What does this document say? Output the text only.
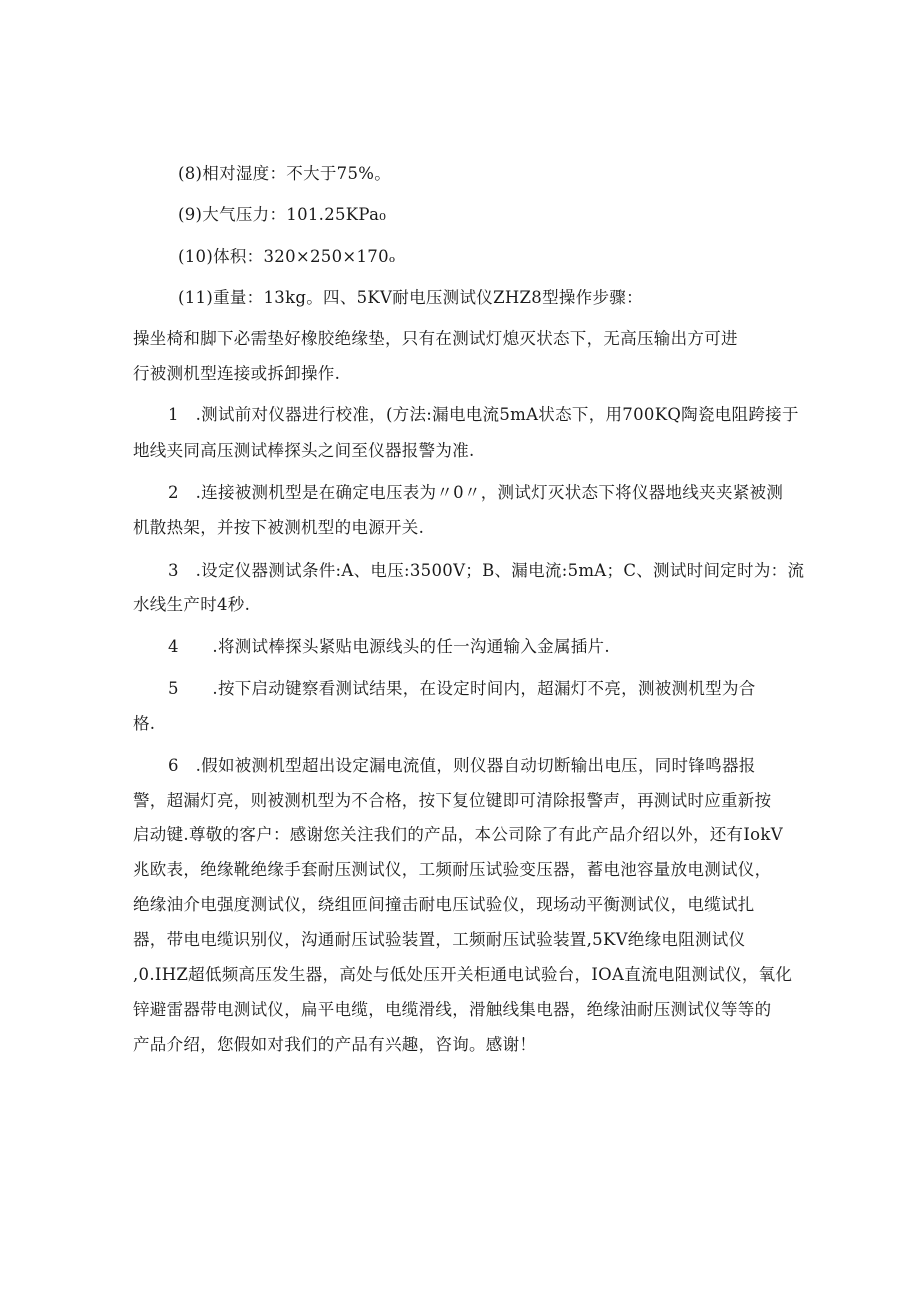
(8)相对湿度：不大于75%。
(9)大气压力：101.25KPa₀
(10)体积：320×250×170ₒ
(11)重量：13kg。四、5KV耐电压测试仪ZHZ8型操作步骤：
操坐椅和脚下必需垫好橡胶绝缘垫，只有在测试灯熄灭状态下，无高压输出方可进
行被测机型连接或拆卸操作.
1　.测试前对仪器进行校准，(方法:漏电电流5mA状态下，用700KQ陶瓷电阻跨接于
地线夹同高压测试棒探头之间至仪器报警为准.
2　.连接被测机型是在确定电压表为〃0〃，测试灯灭状态下将仪器地线夹夹紧被测
机散热架，并按下被测机型的电源开关.
3　.设定仪器测试条件:A、电压:3500V；B、漏电流:5mA；C、测试时间定时为：流
水线生产时4秒.
4　　.将测试棒探头紧贴电源线头的任一沟通输入金属插片.
5　　.按下启动键察看测试结果，在设定时间内，超漏灯不亮，测被测机型为合
格.
6　.假如被测机型超出设定漏电流值，则仪器自动切断输出电压，同时锋鸣器报
警，超漏灯亮，则被测机型为不合格，按下复位键即可清除报警声，再测试时应重新按
启动键.尊敬的客户：感谢您关注我们的产品，本公司除了有此产品介绍以外，还有IokV
兆欧表，绝缘靴绝缘手套耐压测试仪，工频耐压试验变压器，蓄电池容量放电测试仪，
绝缘油介电强度测试仪，绕组匝间撞击耐电压试验仪，现场动平衡测试仪，电缆试扎
器，带电电缆识别仪，沟通耐压试验装置，工频耐压试验装置,5KV绝缘电阻测试仪
,0.IHZ超低频高压发生器，高处与低处压开关柜通电试验台，IOA直流电阻测试仪，氧化
锌避雷器带电测试仪，扁平电缆，电缆滑线，滑触线集电器，绝缘油耐压测试仪等等的
产品介绍，您假如对我们的产品有兴趣，咨询。感谢！
